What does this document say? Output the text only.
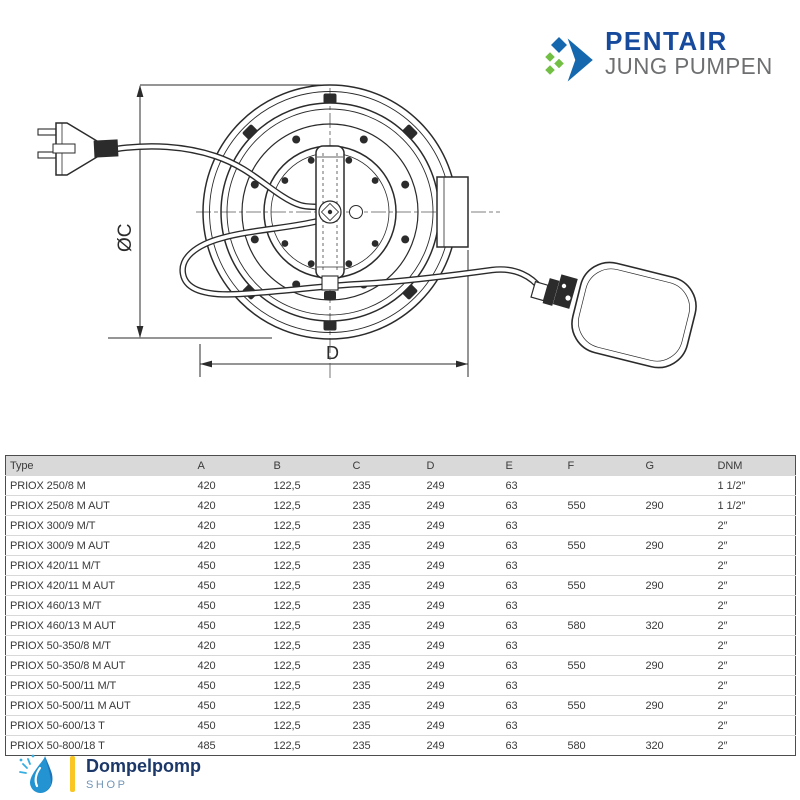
ØC
D
PENTAIR
JUNG PUMPEN
Type	A	B	C	D	E	F	G	DNM
PRIOX 250/8 M	420	122,5	235	249	63			1 1/2″
PRIOX 250/8 M AUT	420	122,5	235	249	63	550	290	1 1/2″
PRIOX 300/9 M/T	420	122,5	235	249	63			2″
PRIOX 300/9 M AUT	420	122,5	235	249	63	550	290	2″
PRIOX 420/11 M/T	450	122,5	235	249	63			2″
PRIOX 420/11 M AUT	450	122,5	235	249	63	550	290	2″
PRIOX 460/13 M/T	450	122,5	235	249	63			2″
PRIOX 460/13 M AUT	450	122,5	235	249	63	580	320	2″
PRIOX 50-350/8 M/T	420	122,5	235	249	63			2″
PRIOX 50-350/8 M AUT	420	122,5	235	249	63	550	290	2″
PRIOX 50-500/11 M/T	450	122,5	235	249	63			2″
PRIOX 50-500/11 M AUT	450	122,5	235	249	63	550	290	2″
PRIOX 50-600/13 T	450	122,5	235	249	63			2″
PRIOX 50-800/18 T	485	122,5	235	249	63	580	320	2″
Dompelpomp
SHOP
